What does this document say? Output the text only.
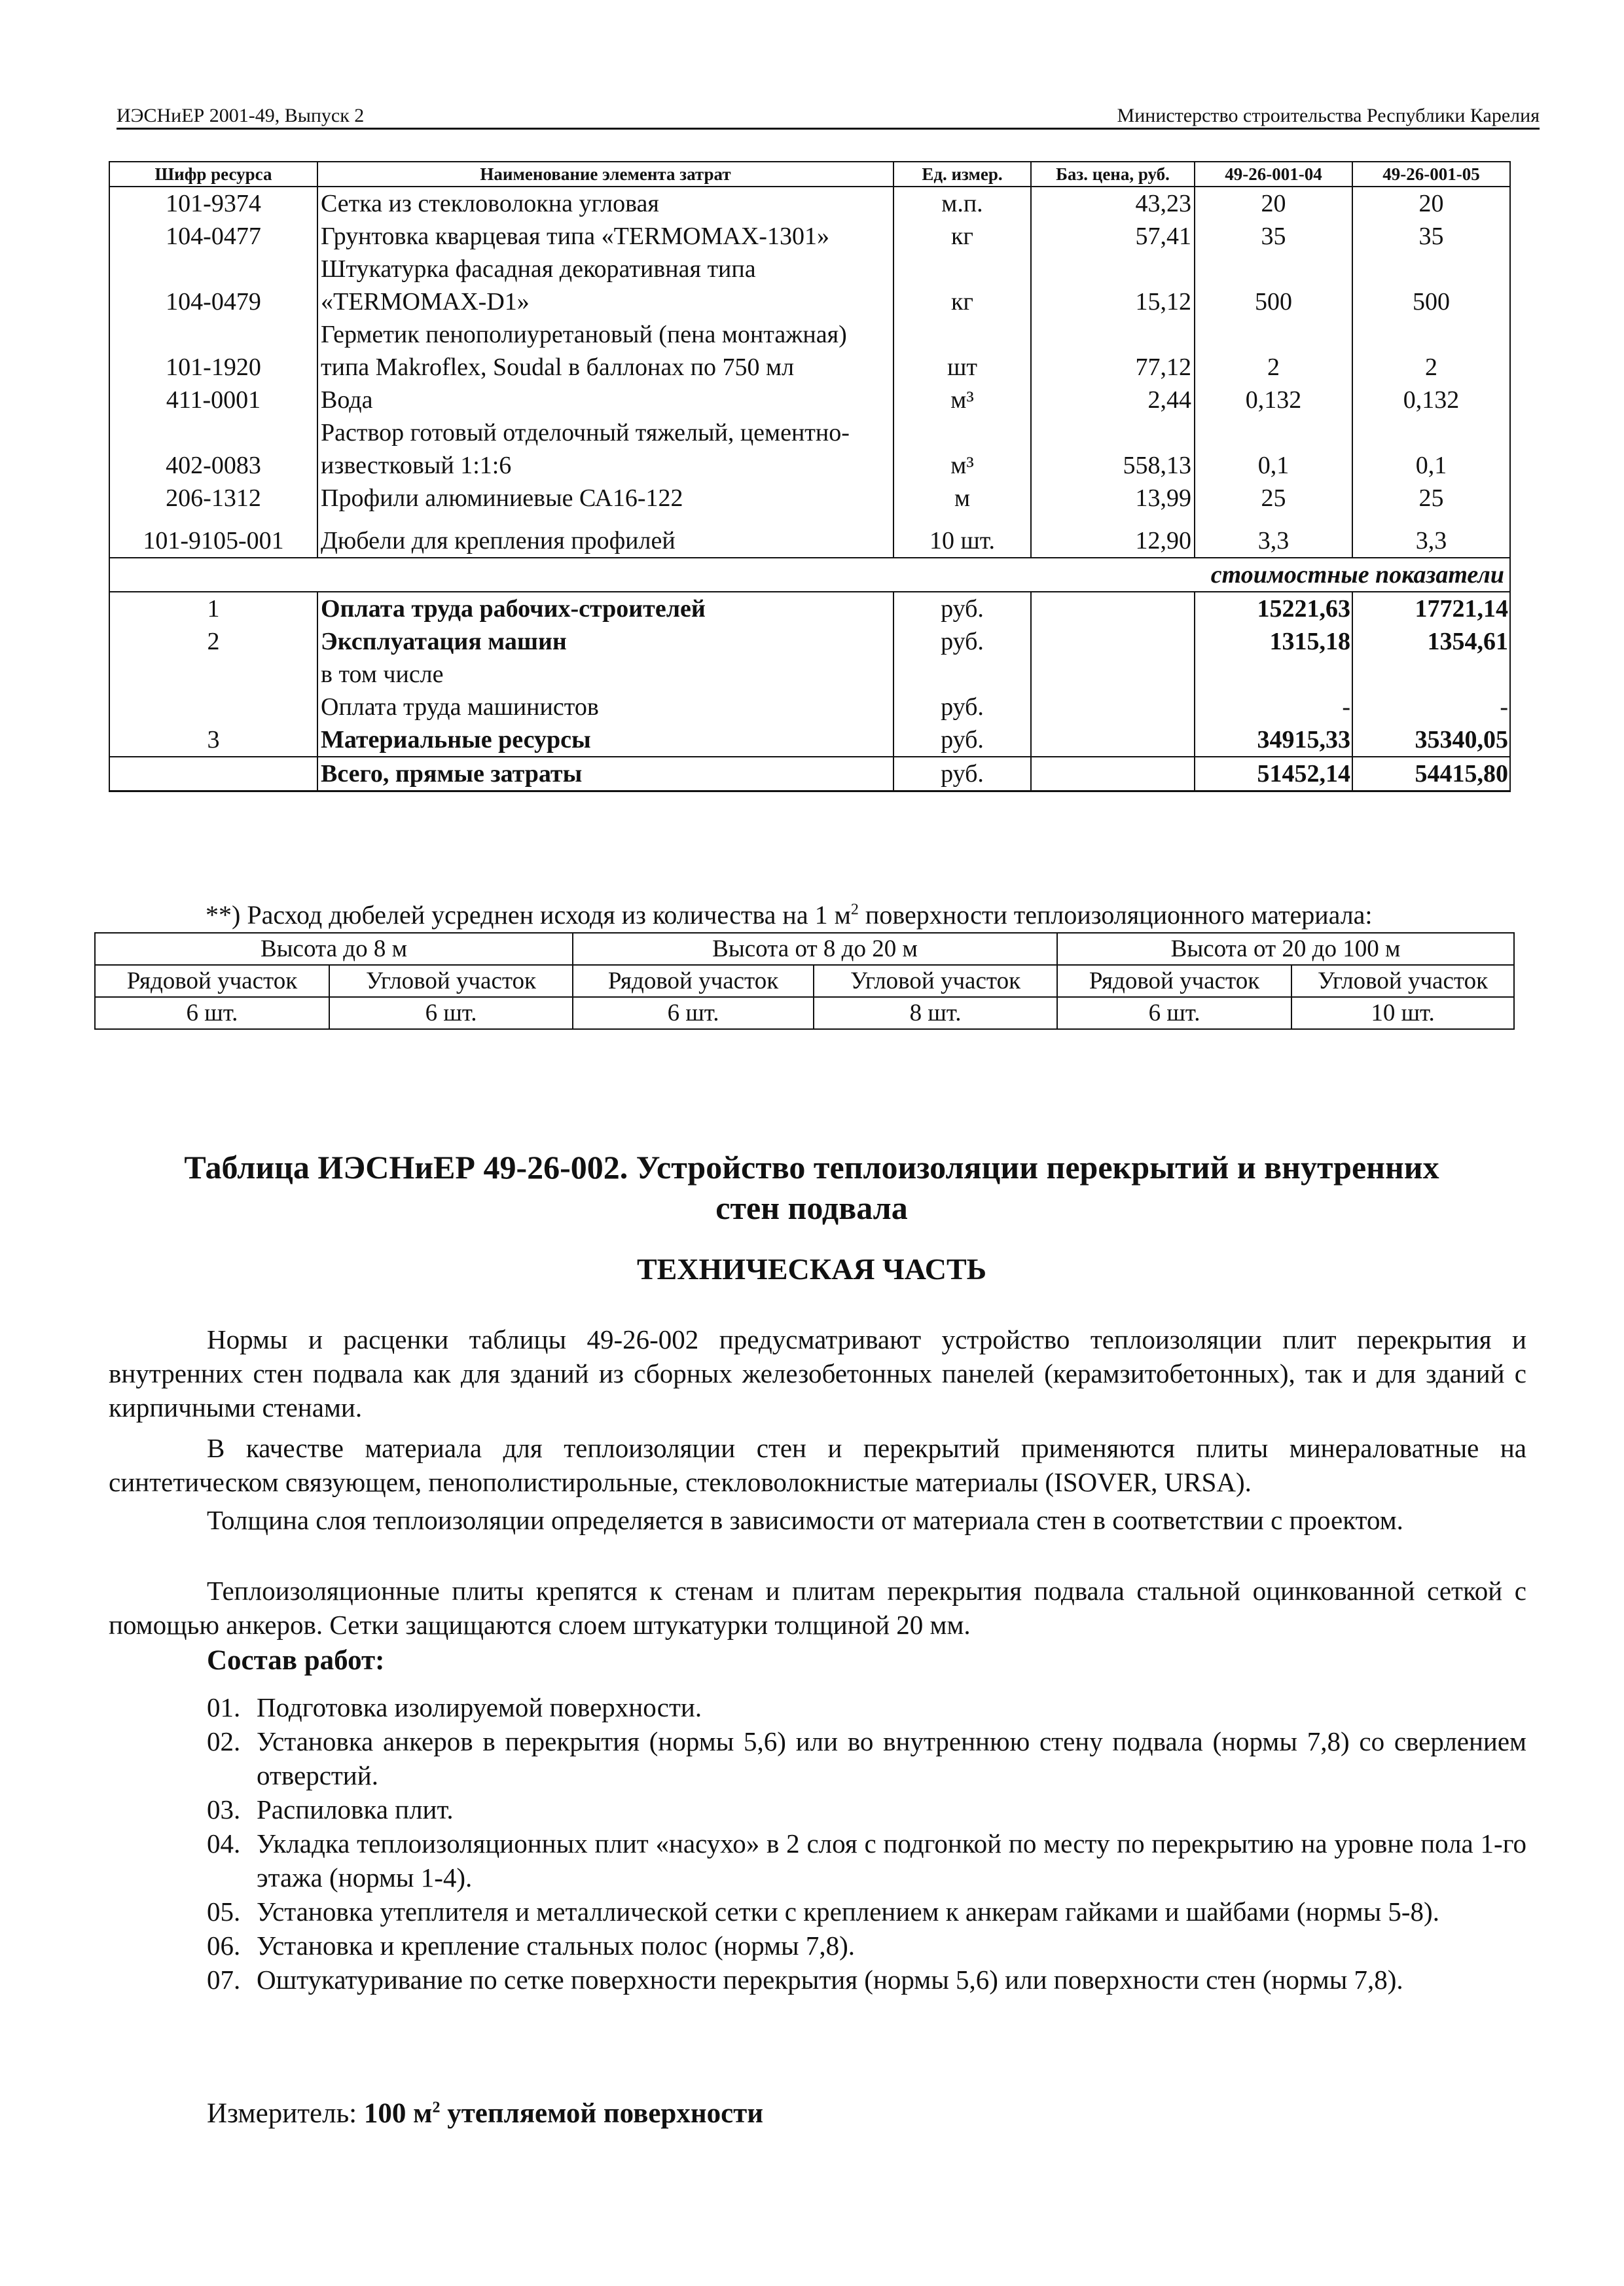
ИЭСНиЕР 2001-49, Выпуск 2	Министерство строительства Республики Карелия
Шифр ресурса	Наименование элемента затрат	Ед. измер.	Баз. цена, руб.	49-26-001-04	49-26-001-05
101-9374	Сетка из стекловолокна угловая	м.п.	43,23	20	20
104-0477	Грунтовка кварцевая типа «TERMOMAX-1301»	кг	57,41	35	35
104-0479	Штукатурка фасадная декоративная типа «TERMOMAX-D1»	кг	15,12	500	500
101-1920	Герметик пенополиуретановый (пена монтажная) типа Makroflex, Soudal в баллонах по 750 мл	шт	77,12	2	2
411-0001	Вода	м³	2,44	0,132	0,132
402-0083	Раствор готовый отделочный тяжелый, цементно-известковый 1:1:6	м³	558,13	0,1	0,1
206-1312	Профили алюминиевые СА16-122	м	13,99	25	25
101-9105-001	Дюбели для крепления профилей	10 шт.	12,90	3,3	3,3
стоимостные показатели					
1	Оплата труда рабочих-строителей	руб.		15221,63	17721,14
2	Эксплуатация машин	руб.		1315,18	1354,61
	в том числе				
	Оплата труда машинистов	руб.		-	-
3	Материальные ресурсы	руб.		34915,33	35340,05
	Всего, прямые затраты	руб.		51452,14	54415,80
**) Расход дюбелей усреднен исходя из количества на 1 $м^2$ поверхности теплоизоляционного материала:
Высота до 8 м		Высота от 8 до 20 м		Высота от 20 до 100 м	
Рядовой участок	Угловой участок	Рядовой участок	Угловой участок	Рядовой участок	Угловой участок
6 шт.	6 шт.	6 шт.	8 шт.	6 шт.	10 шт.
Таблица ИЭСНиЕР 49-26-002. Устройство теплоизоляции перекрытий и внутренних
стен подвала
ТЕХНИЧЕСКАЯ ЧАСТЬ
Нормы и расценки таблицы 49-26-002 предусматривают устройство теплоизоляции плит перекрытия и внутренних стен подвала как для зданий из сборных железобетонных панелей (керамзитобетонных), так и для зданий с кирпичными стенами.
В качестве материала для теплоизоляции стен и перекрытий применяются плиты минераловатные на синтетическом связующем, пенополистирольные, стекловолокнистые материалы (ISOVER, URSA).
Толщина слоя теплоизоляции определяется в зависимости от материала стен в соответствии с проектом.
Теплоизоляционные плиты крепятся к стенам и плитам перекрытия подвала стальной оцинкованной сеткой с помощью анкеров. Сетки защищаются слоем штукатурки толщиной 20 мм.
Состав работ:
01. Подготовка изолируемой поверхности.
02. Установка анкеров в перекрытия (нормы 5,6) или во внутреннюю стену подвала (нормы 7,8) со сверлением отверстий.
03. Распиловка плит.
04. Укладка теплоизоляционных плит «насухо» в 2 слоя с подгонкой по месту по перекрытию на уровне пола 1-го этажа (нормы 1-4).
05. Установка утеплителя и металлической сетки с креплением к анкерам гайками и шайбами (нормы 5-8).
06. Установка и крепление стальных полос (нормы 7,8).
07. Оштукатуривание по сетке поверхности перекрытия (нормы 5,6) или поверхности стен (нормы 7,8).
Измеритель: 100 $м^2$ утепляемой поверхности
